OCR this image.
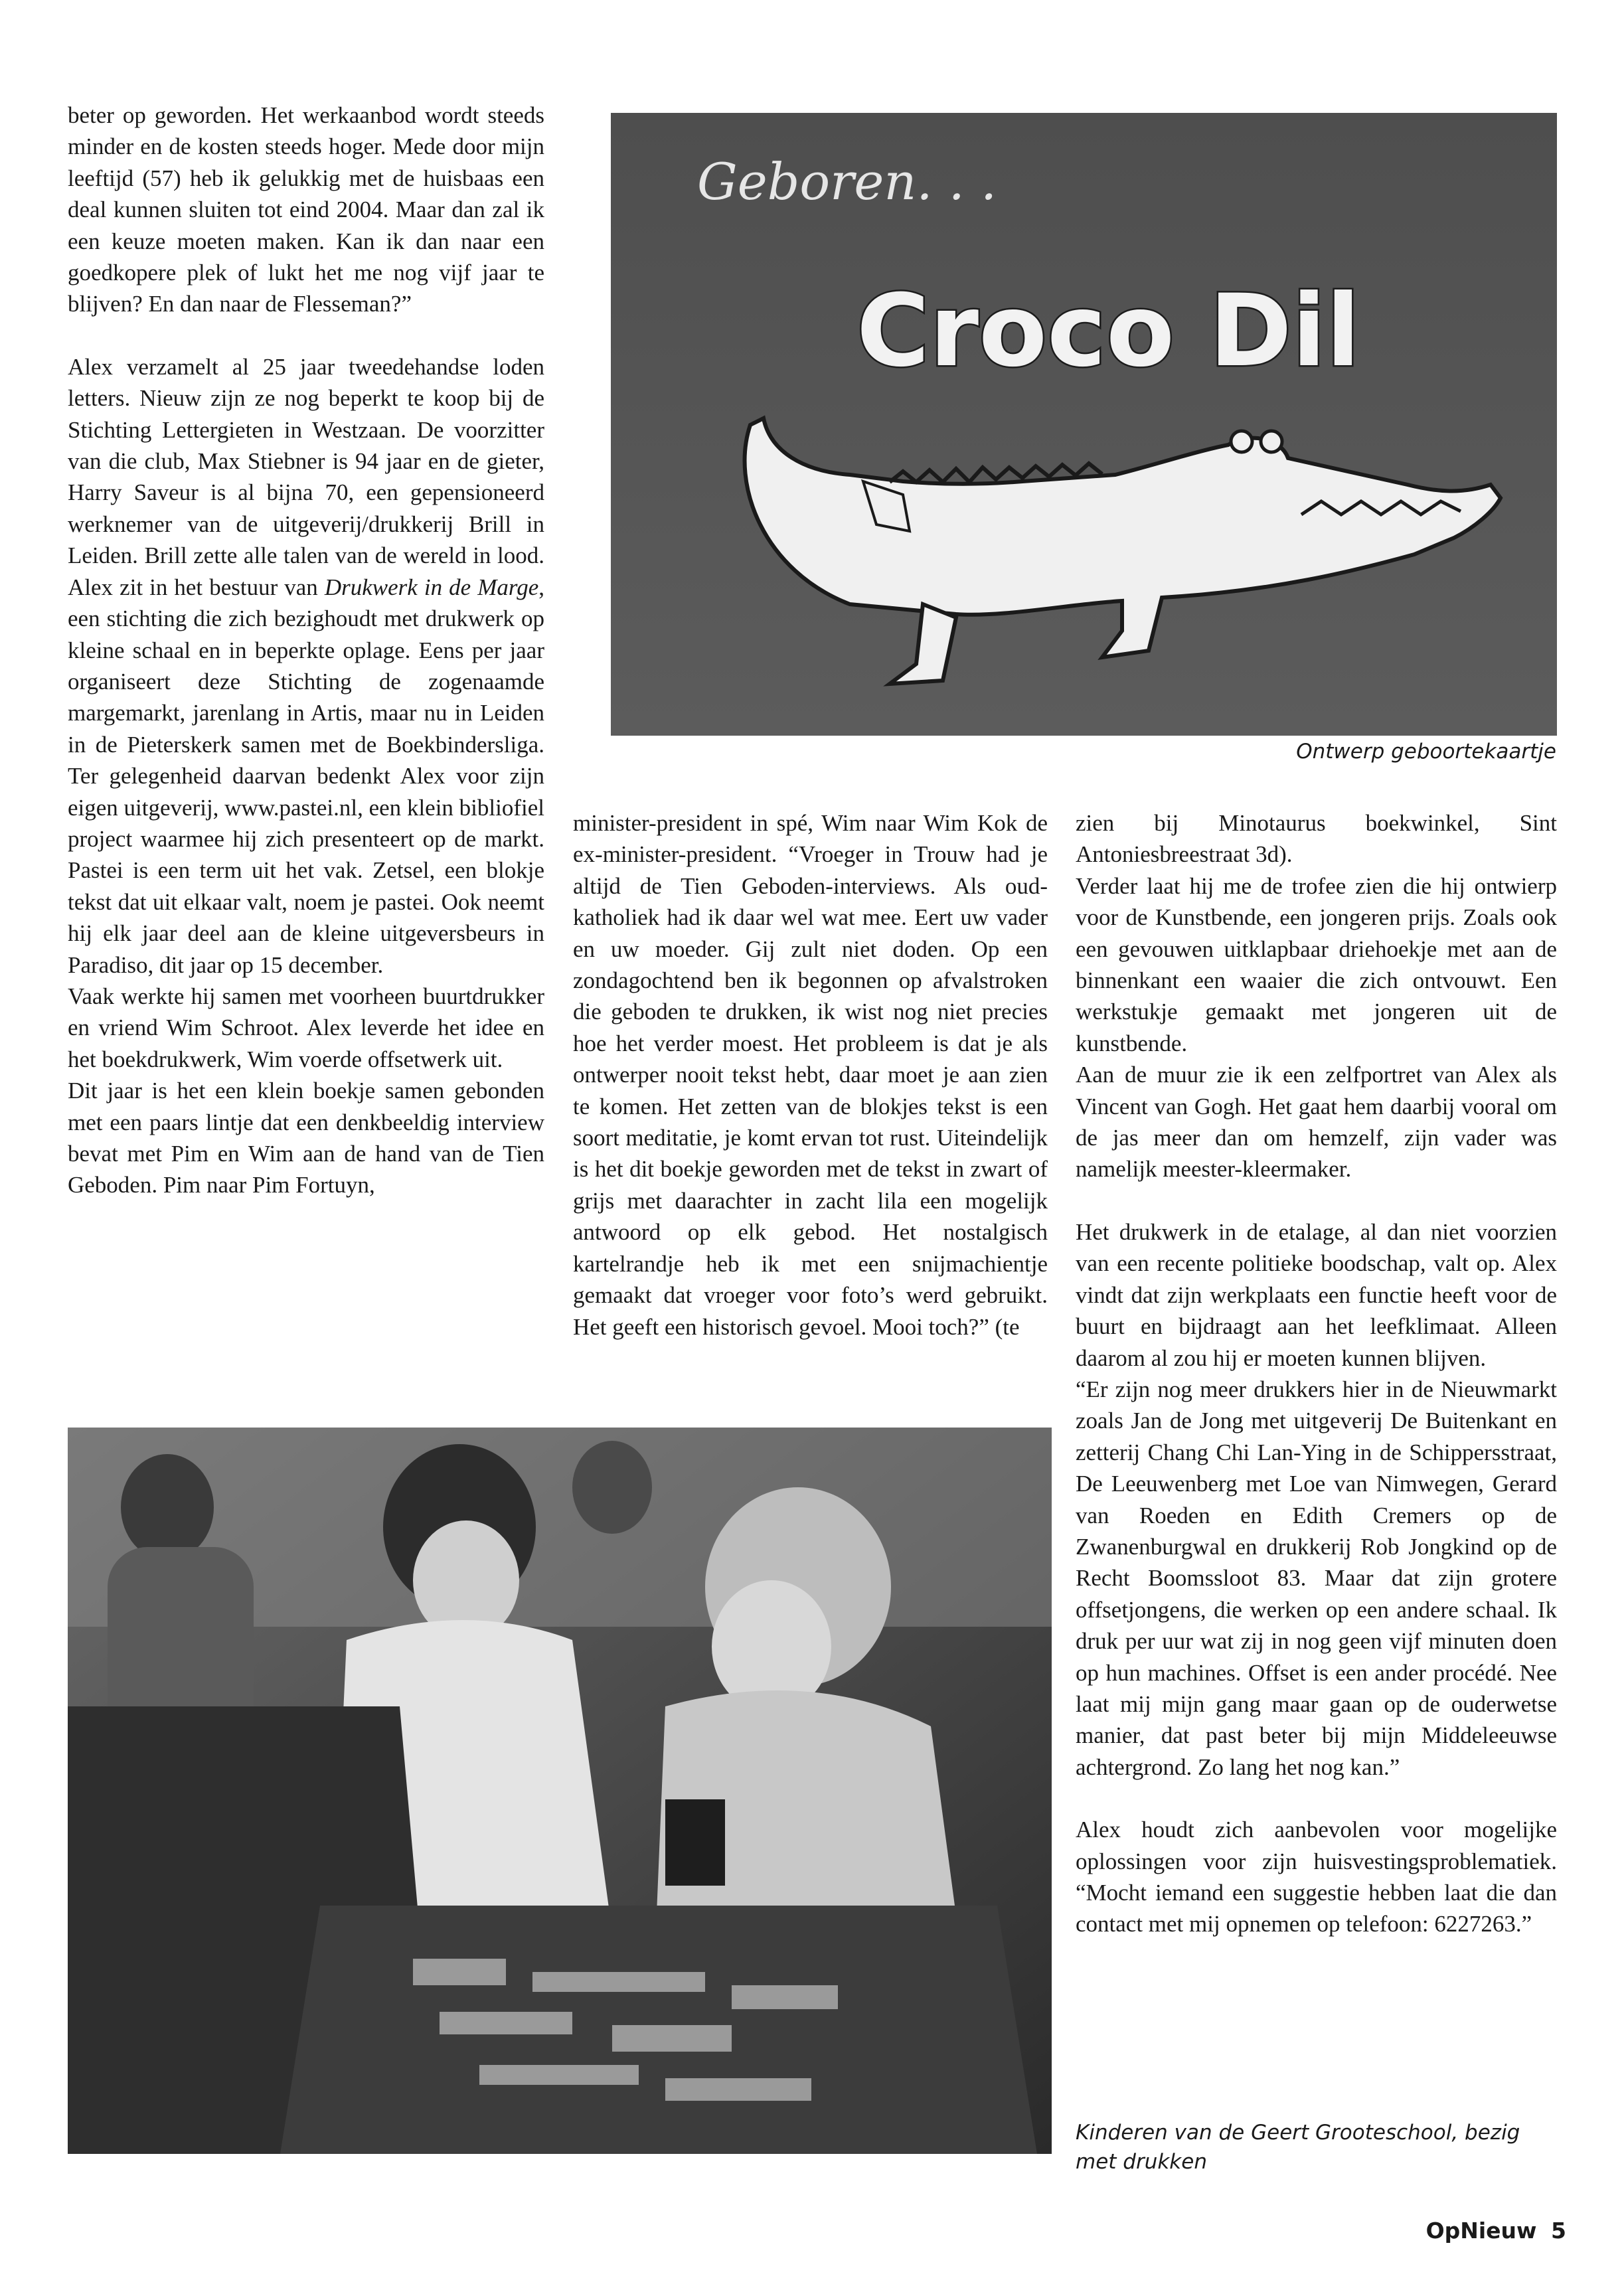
Geboren. . .
Croco Dil
Ontwerp geboortekaartje

beter op geworden. Het werkaanbod wordt steeds minder en de kosten steeds hoger. Mede door mijn leeftijd (57) heb ik gelukkig met de huisbaas een deal kunnen sluiten tot eind 2004. Maar dan zal ik een keuze moeten maken. Kan ik dan naar een goedkopere plek of lukt het me nog vijf jaar te blijven? En dan naar de Flesseman?”

Alex verzamelt al 25 jaar tweedehandse loden letters. Nieuw zijn ze nog beperkt te koop bij de Stichting Lettergieten in Westzaan. De voorzitter van die club, Max Stiebner is 94 jaar en de gieter, Harry Saveur is al bijna 70, een gepensioneerd werknemer van de uitgeverij/drukkerij Brill in Leiden. Brill zette alle talen van de wereld in lood. Alex zit in het bestuur van Drukwerk in de Marge, een stichting die zich bezighoudt met drukwerk op kleine schaal en in beperkte oplage. Eens per jaar organiseert deze Stichting de zogenaamde margemarkt, jarenlang in Artis, maar nu in Leiden in de Pieterskerk samen met de Boekbindersliga. Ter gelegenheid daarvan bedenkt Alex voor zijn eigen uitgeverij, www.pastei.nl, een klein bibliofiel project waarmee hij zich presenteert op de markt. Pastei is een term uit het vak. Zetsel, een blokje tekst dat uit elkaar valt, noem je pastei. Ook neemt hij elk jaar deel aan de kleine uitgeversbeurs in Paradiso, dit jaar op 15 december.

Vaak werkte hij samen met voorheen buurtdrukker en vriend Wim Schroot. Alex leverde het idee en het boekdrukwerk, Wim voerde offsetwerk uit.

Dit jaar is het een klein boekje samen gebonden met een paars lintje dat een denkbeeldig interview bevat met Pim en Wim aan de hand van de Tien Geboden. Pim naar Pim Fortuyn,

minister-president in spé, Wim naar Wim Kok de ex-minister-president. “Vroeger in Trouw had je altijd de Tien Geboden-interviews. Als oud-katholiek had ik daar wel wat mee. Eert uw vader en uw moeder. Gij zult niet doden. Op een zondagochtend ben ik begonnen op afvalstroken die geboden te drukken, ik wist nog niet precies hoe het verder moest. Het probleem is dat je als ontwerper nooit tekst hebt, daar moet je aan zien te komen. Het zetten van de blokjes tekst is een soort meditatie, je komt ervan tot rust. Uiteindelijk is het dit boekje geworden met de tekst in zwart of grijs met daarachter in zacht lila een mogelijk antwoord op elk gebod. Het nostalgisch kartelrandje heb ik met een snijmachientje gemaakt dat vroeger voor foto’s werd gebruikt. Het geeft een historisch gevoel. Mooi toch?” (te

zien bij Minotaurus boekwinkel, Sint Antoniesbreestraat 3d).

Verder laat hij me de trofee zien die hij ontwierp voor de Kunstbende, een jongeren prijs. Zoals ook een gevouwen uitklapbaar driehoekje met aan de binnenkant een waaier die zich ontvouwt. Een werkstukje gemaakt met jongeren uit de kunstbende.

Aan de muur zie ik een zelfportret van Alex als Vincent van Gogh. Het gaat hem daarbij vooral om de jas meer dan om hemzelf, zijn vader was namelijk meester-kleermaker.

Het drukwerk in de etalage, al dan niet voorzien van een recente politieke boodschap, valt op. Alex vindt dat zijn werkplaats een functie heeft voor de buurt en bijdraagt aan het leefklimaat. Alleen daarom al zou hij er moeten kunnen blijven.

“Er zijn nog meer drukkers hier in de Nieuwmarkt zoals Jan de Jong met uitgeverij De Buitenkant en zetterij Chang Chi Lan-Ying in de Schippersstraat, De Leeuwenberg met Loe van Nimwegen, Gerard van Roeden en Edith Cremers op de Zwanenburgwal en drukkerij Rob Jongkind op de Recht Boomssloot 83. Maar dat zijn grotere offsetjongens, die werken op een andere schaal. Ik druk per uur wat zij in nog geen vijf minuten doen op hun machines. Offset is een ander procédé. Nee laat mij mijn gang maar gaan op de ouderwetse manier, dat past beter bij mijn Middeleeuwse achtergrond. Zo lang het nog kan.”

Alex houdt zich aanbevolen voor mogelijke oplossingen voor zijn huisvestingsproblematiek. “Mocht iemand een suggestie hebben laat die dan contact met mij opnemen op telefoon: 6227263.”

Kinderen van de Geert Grooteschool, bezig
met drukken
OpNieuw 5
